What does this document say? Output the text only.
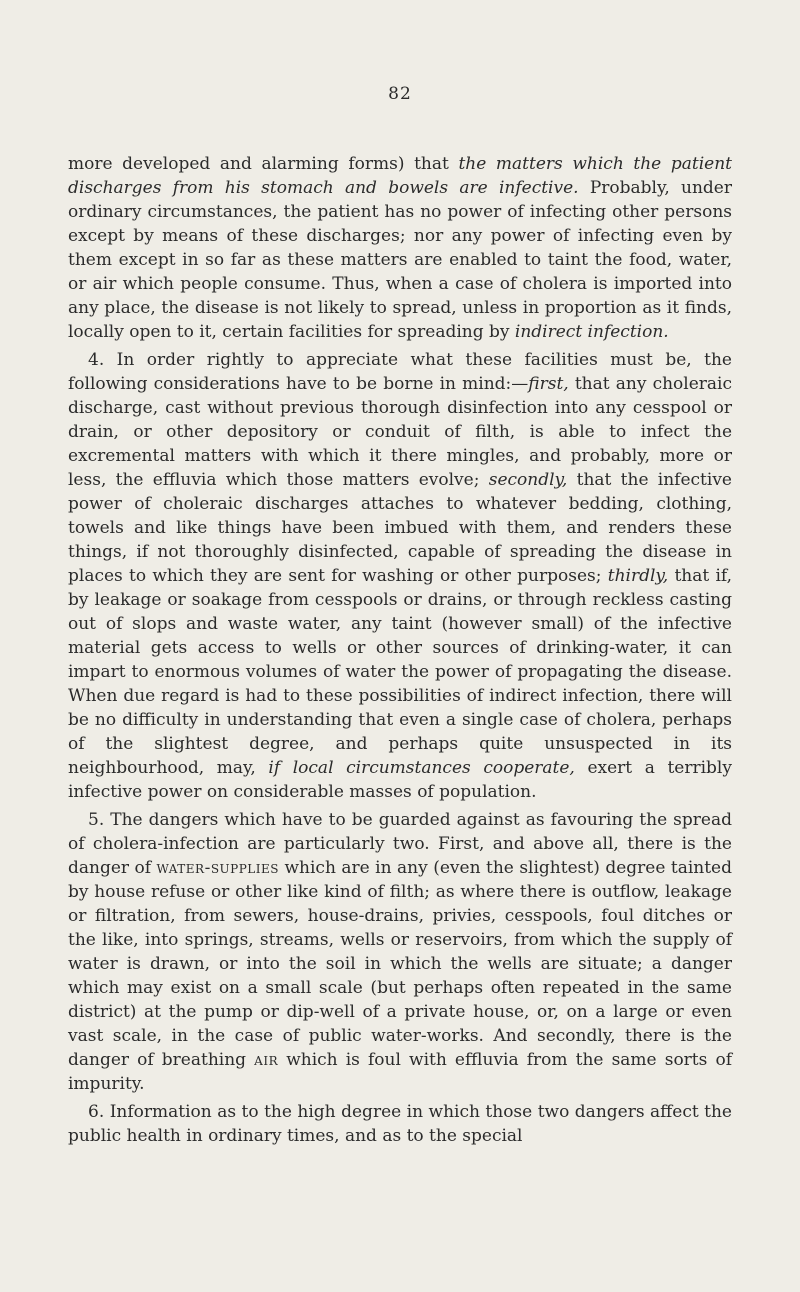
82

more developed and alarming forms) that the matters which the patient discharges from his stomach and bowels are infective. Probably, under ordinary circumstances, the patient has no power of infecting other persons except by means of these discharges; nor any power of infecting even by them except in so far as these matters are enabled to taint the food, water, or air which people consume. Thus, when a case of cholera is imported into any place, the disease is not likely to spread, unless in proportion as it finds, locally open to it, certain facilities for spreading by indirect infection.

4. In order rightly to appreciate what these facilities must be, the following considerations have to be borne in mind:—first, that any choleraic discharge, cast without previous thorough disinfection into any cesspool or drain, or other depository or conduit of filth, is able to infect the excremental matters with which it there mingles, and probably, more or less, the effluvia which those matters evolve; secondly, that the infective power of choleraic discharges attaches to whatever bedding, clothing, towels and like things have been imbued with them, and renders these things, if not thoroughly disinfected, capable of spreading the disease in places to which they are sent for washing or other purposes; thirdly, that if, by leakage or soakage from cesspools or drains, or through reckless casting out of slops and waste water, any taint (however small) of the infective material gets access to wells or other sources of drinking-water, it can impart to enormous volumes of water the power of propagating the disease. When due regard is had to these possibilities of indirect infection, there will be no difficulty in understanding that even a single case of cholera, perhaps of the slightest degree, and perhaps quite unsuspected in its neighbourhood, may, if local circumstances cooperate, exert a terribly infective power on considerable masses of population.

5. The dangers which have to be guarded against as favouring the spread of cholera-infection are particularly two. First, and above all, there is the danger of water-supplies which are in any (even the slightest) degree tainted by house refuse or other like kind of filth; as where there is outflow, leakage or filtration, from sewers, house-drains, privies, cesspools, foul ditches or the like, into springs, streams, wells or reservoirs, from which the supply of water is drawn, or into the soil in which the wells are situate; a danger which may exist on a small scale (but perhaps often repeated in the same district) at the pump or dip-well of a private house, or, on a large or even vast scale, in the case of public water-works. And secondly, there is the danger of breathing air which is foul with effluvia from the same sorts of impurity.

6. Information as to the high degree in which those two dangers affect the public health in ordinary times, and as to the special
